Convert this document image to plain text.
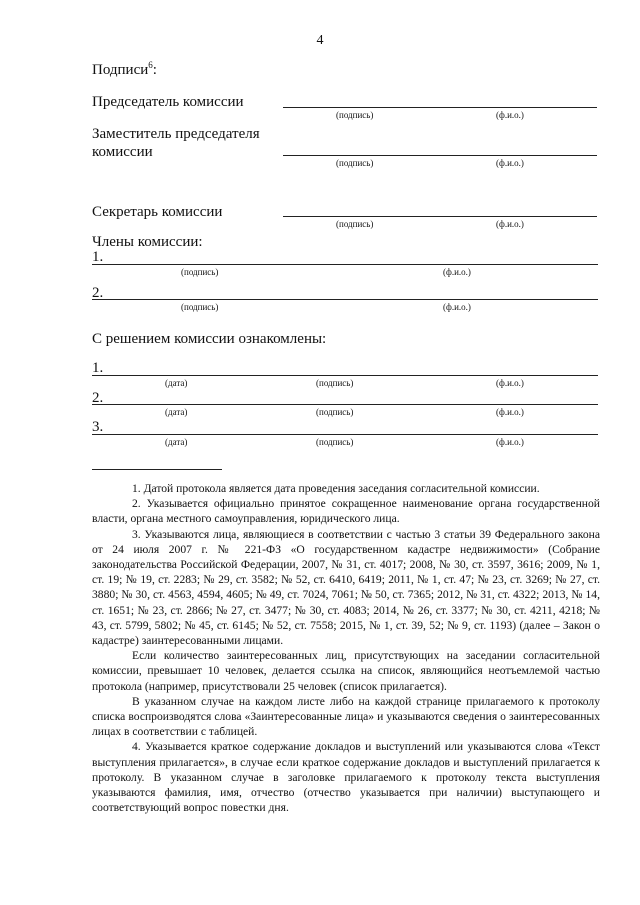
4
Подписи$^6$:
Председатель комиссии
(подпись)	(ф.и.о.)
Заместитель председателя
комиссии
(подпись)	(ф.и.о.)
Секретарь комиссии
(подпись)	(ф.и.о.)
Члены комиссии:
1.
(подпись)	(ф.и.о.)
2.
(подпись)	(ф.и.о.)
С решением комиссии ознакомлены:
1.
(дата)	(подпись)	(ф.и.о.)
2.
(дата)	(подпись)	(ф.и.о.)
3.
(дата)	(подпись)	(ф.и.о.)

1. Датой протокола является дата проведения заседания согласительной комиссии.

2. Указывается официально принятое сокращенное наименование органа государственной власти, органа местного самоуправления, юридического лица.

3. Указываются лица, являющиеся в соответствии с частью 3 статьи 39 Федерального закона от 24 июля 2007 г. № 221-ФЗ «О государственном кадастре недвижимости» (Собрание законодательства Российской Федерации, 2007, № 31, ст. 4017; 2008, № 30, ст. 3597, 3616; 2009, № 1, ст. 19; № 19, ст. 2283; № 29, ст. 3582; № 52, ст. 6410, 6419; 2011, № 1, ст. 47; № 23, ст. 3269; № 27, ст. 3880; № 30, ст. 4563, 4594, 4605; № 49, ст. 7024, 7061; № 50, ст. 7365; 2012, № 31, ст. 4322; 2013, № 14, ст. 1651; № 23, ст. 2866; № 27, ст. 3477; № 30, ст. 4083; 2014, № 26, ст. 3377; № 30, ст. 4211, 4218; № 43, ст. 5799, 5802; № 45, ст. 6145; № 52, ст. 7558; 2015, № 1, ст. 39, 52; № 9, ст. 1193) (далее – Закон о кадастре) заинтересованными лицами.

Если количество заинтересованных лиц, присутствующих на заседании согласительной комиссии, превышает 10 человек, делается ссылка на список, являющийся неотъемлемой частью протокола (например, присутствовали 25 человек (список прилагается).

В указанном случае на каждом листе либо на каждой странице прилагаемого к протоколу списка воспроизводятся слова «Заинтересованные лица» и указываются сведения о заинтересованных лицах в соответствии с таблицей.

4. Указывается краткое содержание докладов и выступлений или указываются слова «Текст выступления прилагается», в случае если краткое содержание докладов и выступлений прилагается к протоколу. В указанном случае в заголовке прилагаемого к протоколу текста выступления указываются фамилия, имя, отчество (отчество указывается при наличии) выступающего и соответствующий вопрос повестки дня.
